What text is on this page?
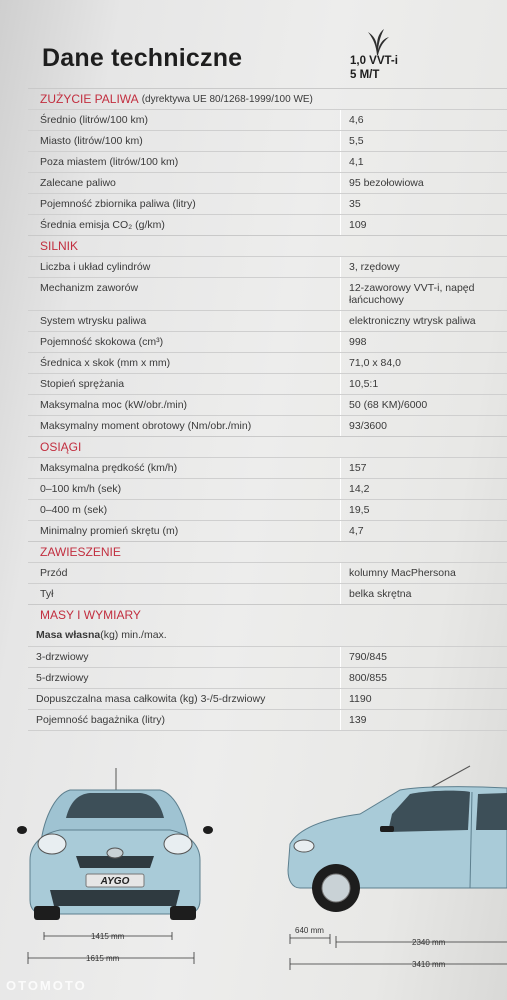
Dane techniczne	1,0 VVT-i
5 M/T
ZUŻYCIE PALIWA (dyrektywa UE 80/1268-1999/100 WE)
Średnio (litrów/100 km)	4,6
Miasto (litrów/100 km)	5,5
Poza miastem (litrów/100 km)	4,1
Zalecane paliwo	95 bezołowiowa
Pojemność zbiornika paliwa (litry)	35
Średnia emisja CO₂ (g/km)	109
SILNIK
Liczba i układ cylindrów	3, rzędowy
Mechanizm zaworów	12-zaworowy VVT-i, napęd łańcuchowy
System wtrysku paliwa	elektroniczny wtrysk paliwa
Pojemność skokowa (cm³)	998
Średnica x skok (mm x mm)	71,0 x 84,0
Stopień sprężania	10,5:1
Maksymalna moc (kW/obr./min)	50 (68 KM)/6000
Maksymalny moment obrotowy (Nm/obr./min)	93/3600
OSIĄGI
Maksymalna prędkość (km/h)	157
0–100 km/h (sek)	14,2
0–400 m (sek)	19,5
Minimalny promień skrętu (m)	4,7
ZAWIESZENIE
Przód	kolumny MacPhersona
Tył	belka skrętna
MASY I WYMIARY
Masa własna (kg) min./max.
3-drzwiowy	790/845
5-drzwiowy	800/855
Dopuszczalna masa całkowita (kg) 3-/5-drzwiowy	1190
Pojemność bagażnika (litry)	139
AYGO
1415 mm
1615 mm
640 mm
2340 mm
3410 mm
OTOMOTO
